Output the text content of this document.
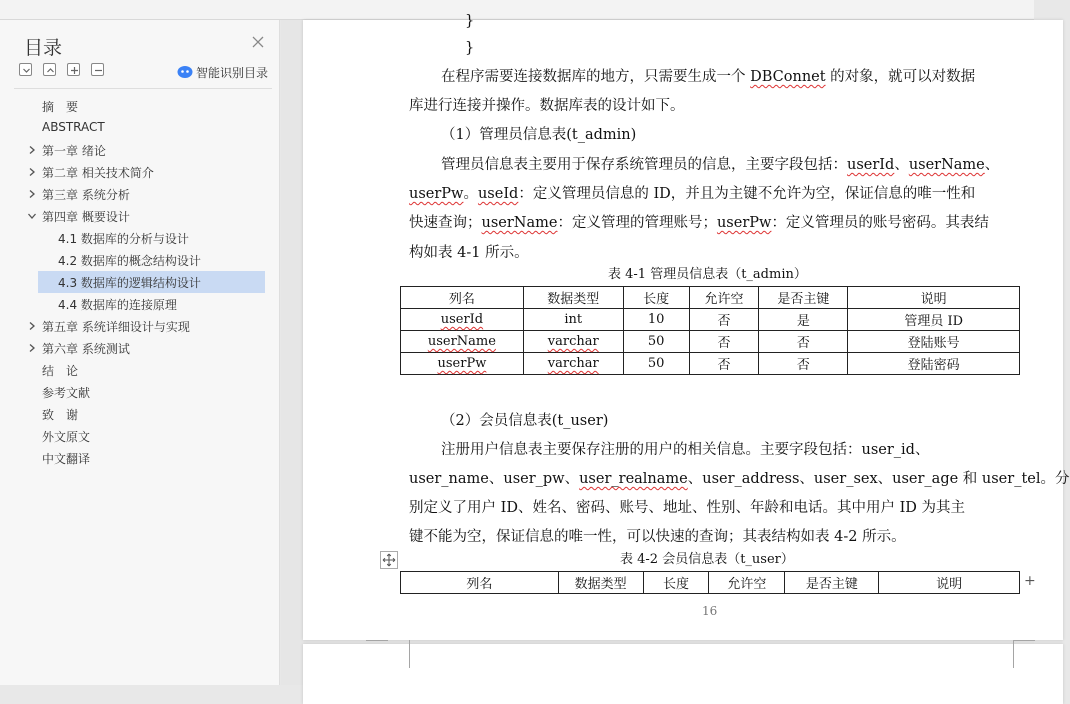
目录
智能识别目录
摘　要
ABSTRACT
第一章 绪论
第二章 相关技术简介
第三章 系统分析
第四章 概要设计
4.1 数据库的分析与设计
4.2 数据库的概念结构设计
4.3 数据库的逻辑结构设计
4.4 数据库的连接原理
第五章 系统详细设计与实现
第六章 系统测试
结　论
参考文献
致　谢
外文原文
中文翻译
}
}
在程序需要连接数据库的地方，只需要生成一个 DBConnet 的对象，就可以对数据
库进行连接并操作。数据库表的设计如下。
（1）管理员信息表(t_admin)
管理员信息表主要用于保存系统管理员的信息，主要字段包括：userId、userName、
userPw。useId：定义管理员信息的 ID，并且为主键不允许为空，保证信息的唯一性和
快速查询；userName：定义管理的管理账号；userPw：定义管理员的账号密码。其表结
构如表 4-1 所示。
表 4-1 管理员信息表（t_admin）
列名	数据类型	长度	允许空	是否主键	说明
userId	int	10	否	是	管理员 ID
userName	varchar	50	否	否	登陆账号
userPw	varchar	50	否	否	登陆密码
（2）会员信息表(t_user)
注册用户信息表主要保存注册的用户的相关信息。主要字段包括：user_id、
user_name、user_pw、user_realname、user_address、user_sex、user_age 和 user_tel。分
别定义了用户 ID、姓名、密码、账号、地址、性别、年龄和电话。其中用户 ID 为其主
键不能为空，保证信息的唯一性，可以快速的查询；其表结构如表 4-2 所示。
表 4-2 会员信息表（t_user）
列名	数据类型	长度	允许空	是否主键	说明	+
16
